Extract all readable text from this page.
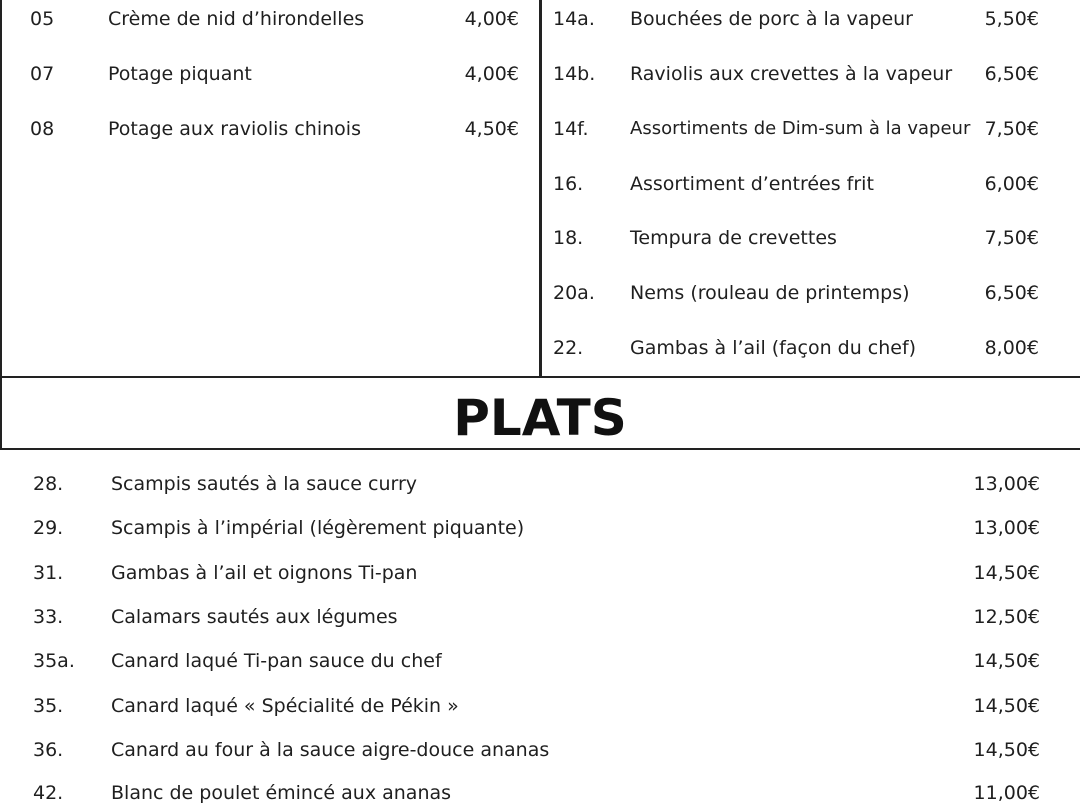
05	Crème de nid d’hirondelles	4,00€
07	Potage piquant	4,00€
08	Potage aux raviolis chinois	4,50€
14a. Bouchées de porc à la vapeur	5,50€
14b. Raviolis aux crevettes à la vapeur 6,50€
14f. Assortiments de Dim-sum à la vapeur 7,50€
16. Assortiment d’entrées frit	6,00€
18. Tempura de crevettes	7,50€
20a. Nems (rouleau de printemps)	6,50€
22. Gambas à l’ail (façon du chef)	8,00€
PLATS
28.	Scampis sautés à la sauce curry	13,00€
29.	Scampis à l’impérial (légèrement piquante)	13,00€
31.	Gambas à l’ail et oignons Ti-pan	14,50€
33.	Calamars sautés aux légumes	12,50€
35a. Canard laqué Ti-pan sauce du chef	14,50€
35.	Canard laqué « Spécialité de Pékin »	14,50€
36.	Canard au four à la sauce aigre-douce ananas	14,50€
42.	Blanc de poulet émincé aux ananas	11,00€
